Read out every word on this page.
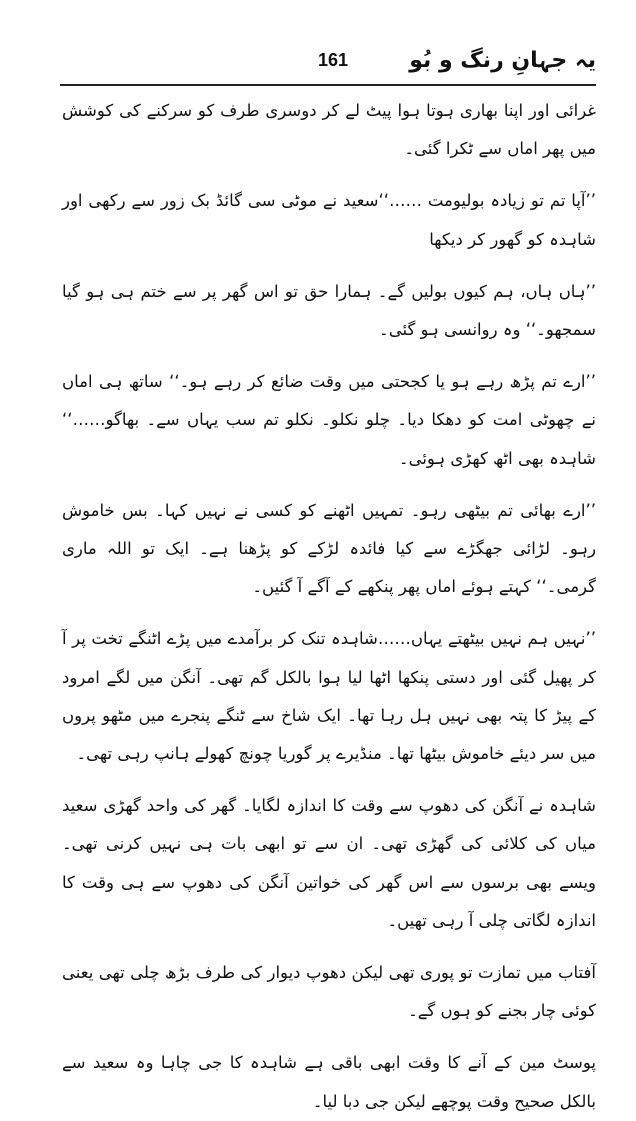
یہ جہانِ رنگ و بُو
161

غرائی اور اپنا بھاری ہوتا ہوا پیٹ لے کر دوسری طرف کو سرکنے کی کوشش میں پھر اماں سے ٹکرا گئی۔

’’آپا تم تو زیادہ بولیومت ……‘‘سعید نے موٹی سی گائڈ بک زور سے رکھی اور شاہدہ کو گھور کر دیکھا

’’ہاں ہاں، ہم کیوں بولیں گے۔ ہمارا حق تو اس گھر پر سے ختم ہی ہو گیا سمجھو۔‘‘ وہ روانسی ہو گئی۔

’’ارے تم پڑھ رہے ہو یا کجحتی میں وقت ضائع کر رہے ہو۔‘‘ ساتھ ہی اماں نے چھوٹی امت کو دھکا دیا۔ چلو نکلو۔ نکلو تم سب یہاں سے۔ بھاگو……‘‘ شاہدہ بھی اٹھ کھڑی ہوئی۔

’’ارے بھائی تم بیٹھی رہو۔ تمہیں اٹھنے کو کسی نے نہیں کہا۔ بس خاموش رہو۔ لڑائی جھگڑے سے کیا فائدہ لڑکے کو پڑھنا ہے۔ ایک تو اللہ ماری گرمی۔‘‘ کہتے ہوئے اماں پھر پنکھے کے آگے آ گئیں۔

’’نہیں ہم نہیں بیٹھتے یہاں……شاہدہ تنک کر برآمدے میں پڑے اٹنگے تخت پر آ کر پھیل گئی اور دستی پنکھا اٹھا لیا ہوا بالکل گم تھی۔ آنگن میں لگے امرود کے پیڑ کا پتہ بھی نہیں ہل رہا تھا۔ ایک شاخ سے ٹنگے پنجرے میں مٹھو پروں میں سر دیئے خاموش بیٹھا تھا۔ منڈیرے پر گوریا چونچ کھولے ہانپ رہی تھی۔

شاہدہ نے آنگن کی دھوپ سے وقت کا اندازہ لگایا۔ گھر کی واحد گھڑی سعید میاں کی کلائی کی گھڑی تھی۔ ان سے تو ابھی بات ہی نہیں کرنی تھی۔ ویسے بھی برسوں سے اس گھر کی خواتین آنگن کی دھوپ سے ہی وقت کا اندازہ لگاتی چلی آ رہی تھیں۔

آفتاب میں تمازت تو پوری تھی لیکن دھوپ دیوار کی طرف بڑھ چلی تھی یعنی کوئی چار بجنے کو ہوں گے۔

پوسٹ مین کے آنے کا وقت ابھی باقی ہے شاہدہ کا جی چاہا وہ سعید سے بالکل صحیح وقت پوچھے لیکن جی دبا لیا۔
